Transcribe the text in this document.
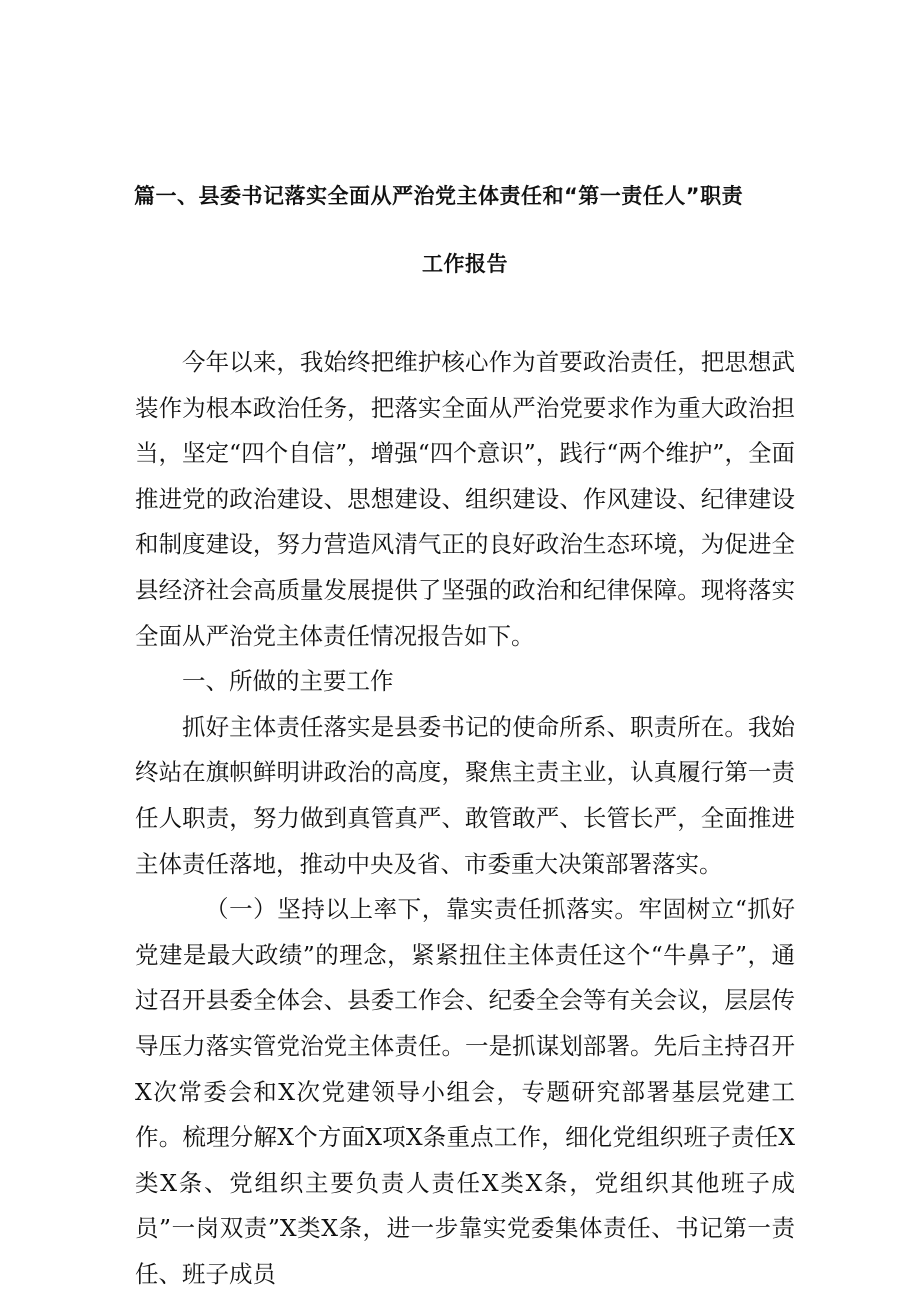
篇一、县委书记落实全面从严治党主体责任和“第一责任人”职责
工作报告

今年以来，我始终把维护核心作为首要政治责任，把思想武装作为根本政治任务，把落实全面从严治党要求作为重大政治担当，坚定“四个自信”，增强“四个意识”，践行“两个维护”，全面推进党的政治建设、思想建设、组织建设、作风建设、纪律建设和制度建设，努力营造风清气正的良好政治生态环境，为促进全县经济社会高质量发展提供了坚强的政治和纪律保障。现将落实全面从严治党主体责任情况报告如下。

一、所做的主要工作

抓好主体责任落实是县委书记的使命所系、职责所在。我始终站在旗帜鲜明讲政治的高度，聚焦主责主业，认真履行第一责任人职责，努力做到真管真严、敢管敢严、长管长严，全面推进主体责任落地，推动中央及省、市委重大决策部署落实。

（一）坚持以上率下，靠实责任抓落实。牢固树立“抓好党建是最大政绩”的理念，紧紧扭住主体责任这个“牛鼻子”，通过召开县委全体会、县委工作会、纪委全会等有关会议，层层传导压力落实管党治党主体责任。一是抓谋划部署。先后主持召开X次常委会和X次党建领导小组会，专题研究部署基层党建工作。梳理分解X个方面X项X条重点工作，细化党组织班子责任X类X条、党组织主要负责人责任X类X条，党组织其他班子成员”一岗双责”X类X条，进一步靠实党委集体责任、书记第一责任、班子成员
